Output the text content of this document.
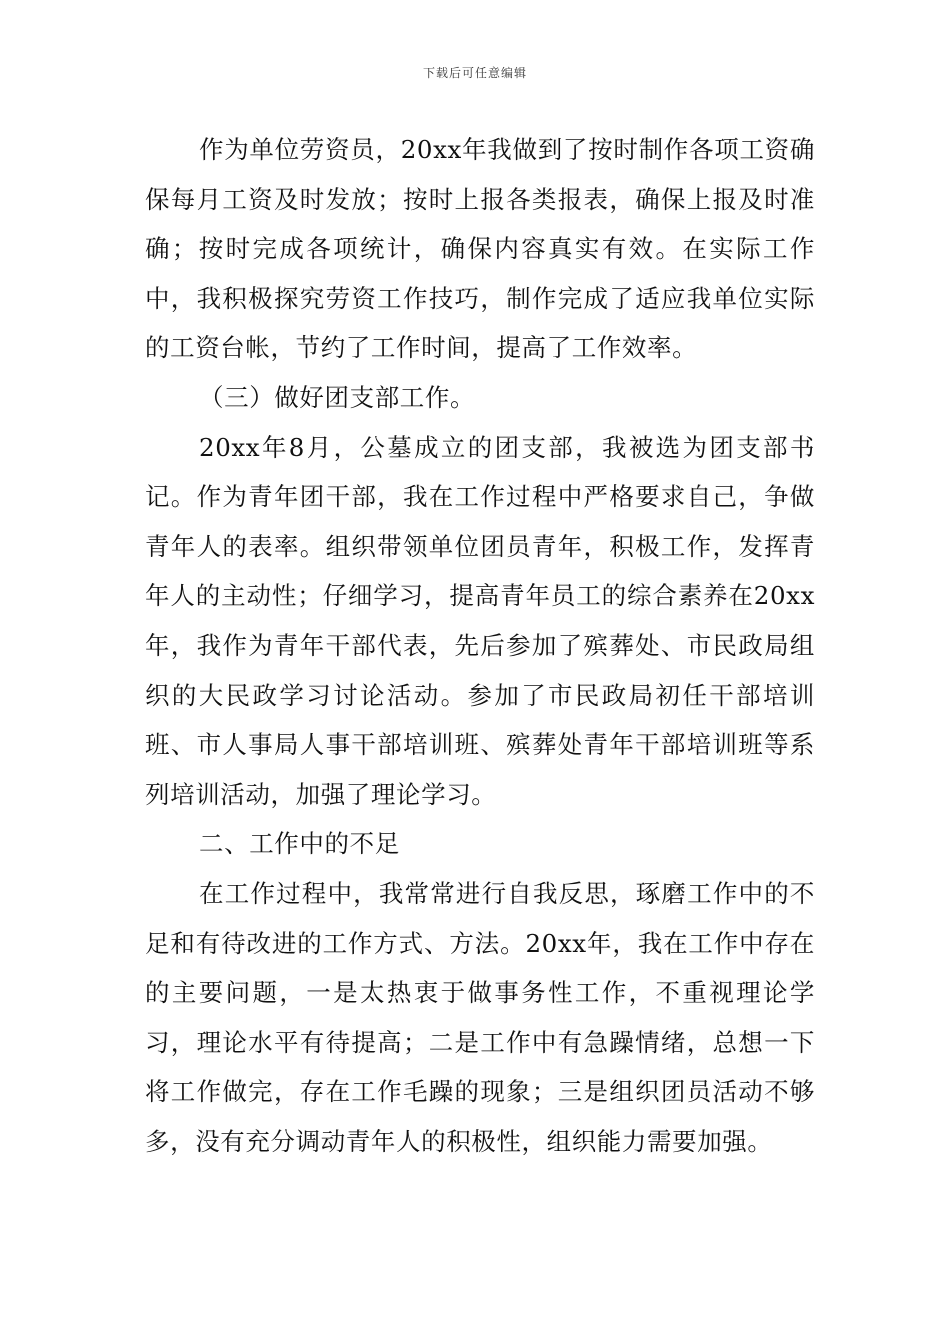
下载后可任意编辑

作为单位劳资员，20xx年我做到了按时制作各项工资确保每月工资及时发放；按时上报各类报表，确保上报及时准确；按时完成各项统计，确保内容真实有效。在实际工作中，我积极探究劳资工作技巧，制作完成了适应我单位实际的工资台帐，节约了工作时间，提高了工作效率。

（三）做好团支部工作。

20xx年8月，公墓成立的团支部，我被选为团支部书记。作为青年团干部，我在工作过程中严格要求自己，争做青年人的表率。组织带领单位团员青年，积极工作，发挥青年人的主动性；仔细学习，提高青年员工的综合素养在20xx年，我作为青年干部代表，先后参加了殡葬处、市民政局组织的大民政学习讨论活动。参加了市民政局初任干部培训班、市人事局人事干部培训班、殡葬处青年干部培训班等系列培训活动，加强了理论学习。

二、工作中的不足

在工作过程中，我常常进行自我反思，琢磨工作中的不足和有待改进的工作方式、方法。20xx年，我在工作中存在的主要问题，一是太热衷于做事务性工作，不重视理论学习，理论水平有待提高；二是工作中有急躁情绪，总想一下将工作做完，存在工作毛躁的现象；三是组织团员活动不够多，没有充分调动青年人的积极性，组织能力需要加强。
